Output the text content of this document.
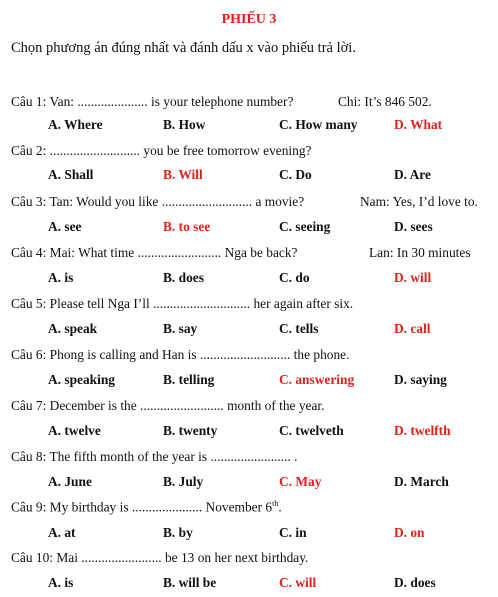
PHIẾU 3
Chọn phương án đúng nhất và đánh dấu x vào phiếu trả lời.
Câu 1: Van: ..................... is your telephone number?	Chi: It’s 846 502.
A. Where	B. How	C. How many	D. What
Câu 2: ........................... you be free tomorrow evening?
A. Shall	B. Will	C. Do	D. Are
Câu 3: Tan: Would you like ........................... a movie?	Nam: Yes, I’d love to.
A. see	B. to see	C. seeing	D. sees
Câu 4: Mai: What time ......................... Nga be back?	Lan: In 30 minutes
A. is	B. does	C. do	D. will
Câu 5: Please tell Nga I’ll ............................. her again after six.
A. speak	B. say	C. tells	D. call
Câu 6: Phong is calling and Han is ........................... the phone.
A. speaking	B. telling	C. answering	D. saying
Câu 7: December is the ......................... month of the year.
A. twelve	B. twenty	C. twelveth	D. twelfth
Câu 8: The fifth month of the year is ........................ .
A. June	B. July	C. May	D. March
Câu 9: My birthday is ..................... November 6th.
A. at	B. by	C. in	D. on
Câu 10: Mai ........................ be 13 on her next birthday.
A. is	B. will be	C. will	D. does
